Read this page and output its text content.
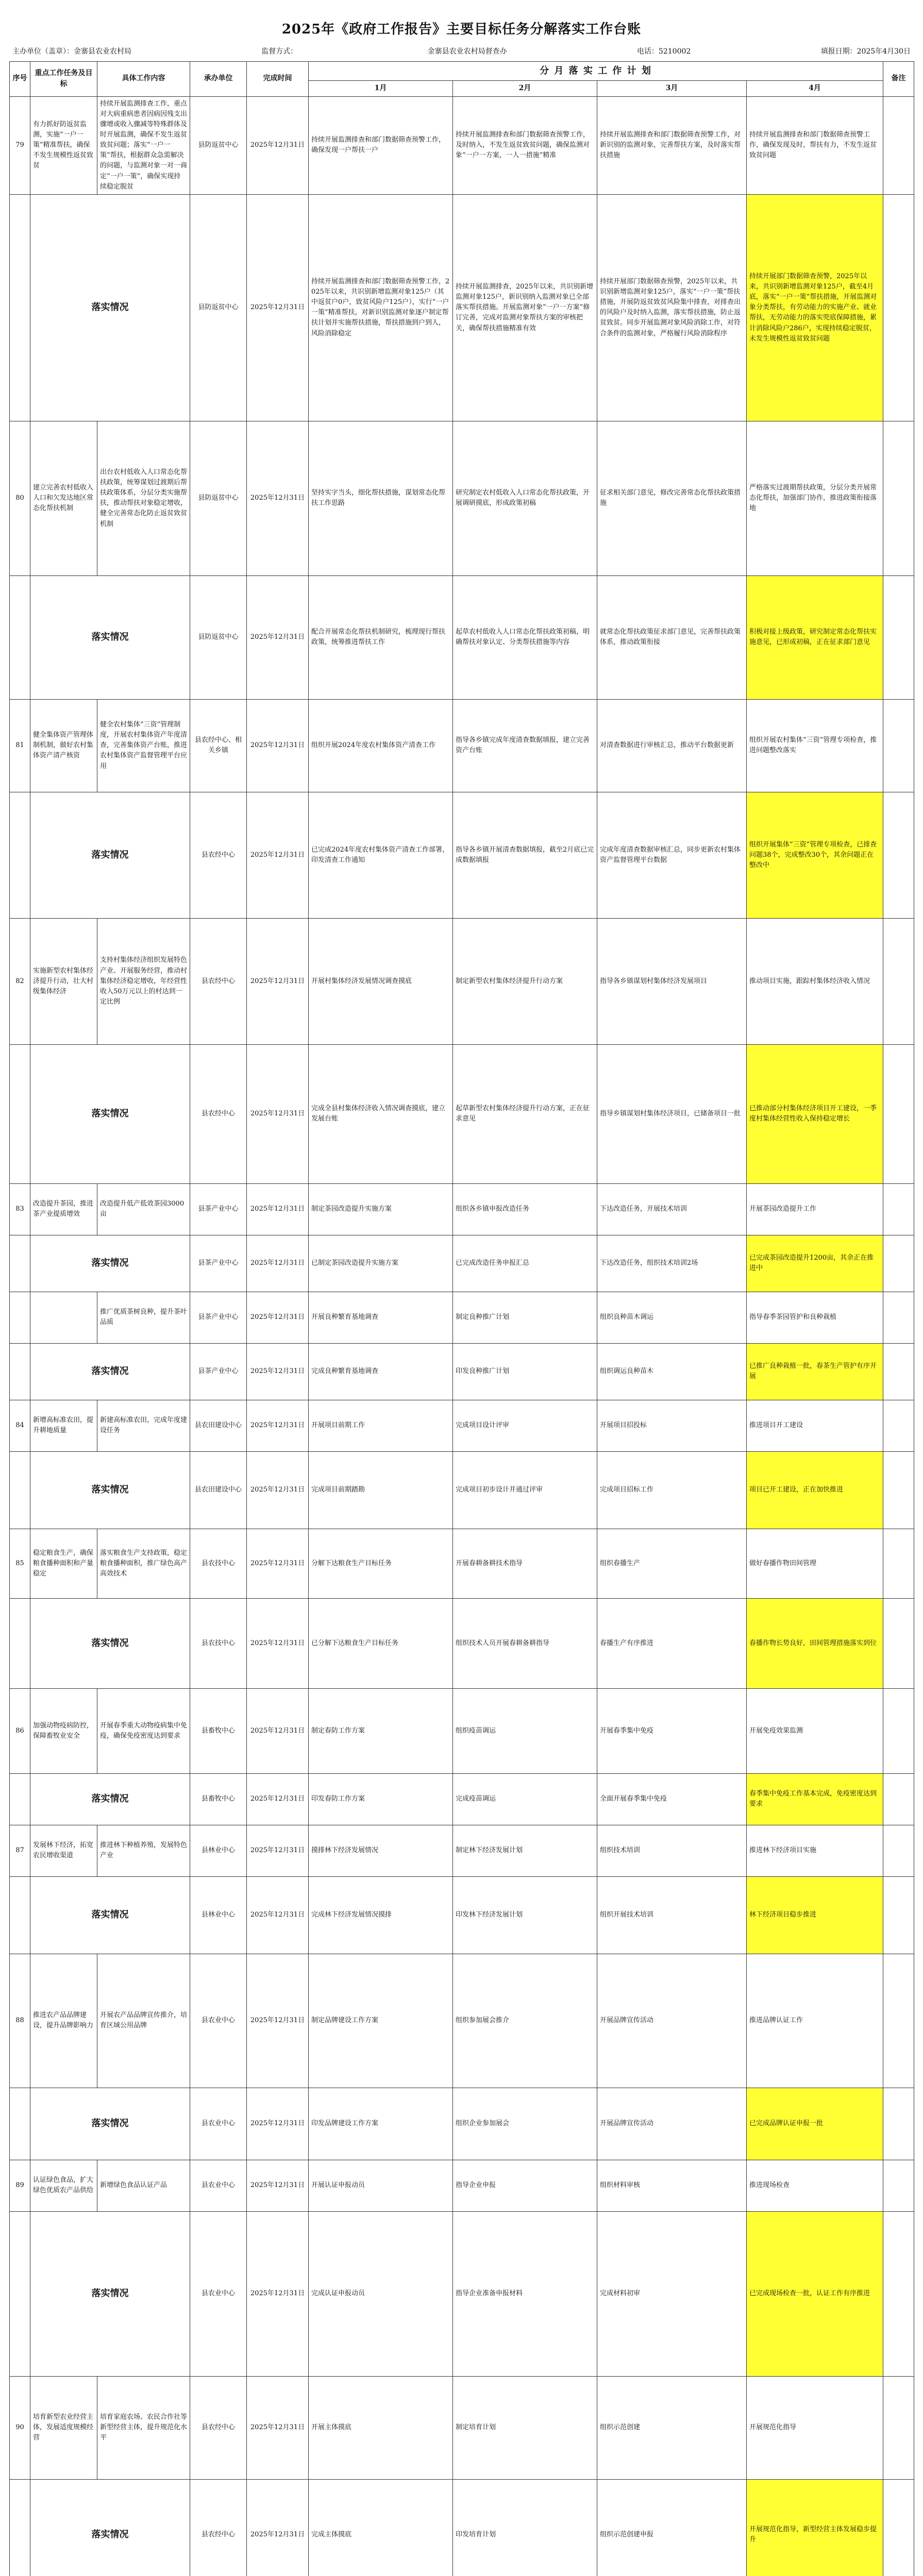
2025年《政府工作报告》主要目标任务分解落实工作台账
主办单位（盖章）：金寨县农业农村局	监督方式：	金寨县农业农村局督查办	电话：5210002	填报日期：2025年4月30日
序号	重点工作任务及目标	具体工作内容	承办单位	完成时间	分 月 落 实 工 作 计 划				备注
					1月	2月	3月	4月	
79	有力抓好防返贫监测，实施“一户一策”精准帮扶，确保不发生规模性返贫致贫	持续开展监测排查工作，重点对大病重病患者因病因残支出骤增或收入骤减等特殊群体及时开展监测，确保不发生返贫致贫问题；落实“一户一策”帮扶，根据群众急需解决的问题，与监测对象一对一商定“一户一策”，确保实现持续稳定脱贫	县防返贫中心	2025年12月31日	持续开展监测排查和部门数据筛查预警工作，确保发现一户帮扶一户	持续开展监测排查和部门数据筛查预警工作，及时纳入，不发生返贫致贫问题，确保监测对象“一户一方案，一人一措施”精准	持续开展监测排查和部门数据筛查预警工作，对新识别的监测对象，完善帮扶方案，及时落实帮扶措施	持续开展监测排查和部门数据筛查预警工作，确保发现及时，帮扶有力，不发生返贫致贫问题	
	落实情况		县防返贫中心	2025年12月31日	持续开展监测排查和部门数据筛查预警工作，2025年以来，共识别新增监测对象125户（其中返贫户0户，致贫风险户125户），实行“一户一策”精准帮扶，对新识别监测对象逐户制定帮扶计划并实施帮扶措施，帮扶措施到户到人，风险消除稳定	持续开展监测排查，2025年以来，共识别新增监测对象125户，新识别纳入监测对象已全部落实帮扶措施。开展监测对象“一户一方案”修订完善，完成对监测对象帮扶方案的审核把关，确保帮扶措施精准有效	持续开展部门数据筛查预警，2025年以来，共识别新增监测对象125户，落实“一户一策”帮扶措施，开展防返贫致贫风险集中排查，对排查出的风险户及时纳入监测，落实帮扶措施，防止返贫致贫。同步开展监测对象风险消除工作，对符合条件的监测对象，严格履行风险消除程序	持续开展部门数据筛查预警，2025年以来，共识别新增监测对象125户，截至4月底，落实“一户一策”帮扶措施，开展监测对象分类帮扶，有劳动能力的实施产业、就业帮扶，无劳动能力的落实兜底保障措施，累计消除风险户286户，实现持续稳定脱贫，未发生规模性返贫致贫问题	
80	建立完善农村低收入人口和欠发达地区常态化帮扶机制	出台农村低收入人口常态化帮扶政策，统筹谋划过渡期后帮扶政策体系，分层分类实施帮扶，推动帮扶对象稳定增收，健全完善常态化防止返贫致贫机制	县防返贫中心	2025年12月31日	坚持实字当头，细化帮扶措施，谋划常态化帮扶工作思路	研究制定农村低收入人口常态化帮扶政策，开展调研摸底，形成政策初稿	征求相关部门意见，修改完善常态化帮扶政策措施	严格落实过渡期帮扶政策，分层分类开展常态化帮扶，加强部门协作，推进政策衔接落地	
	落实情况		县防返贫中心	2025年12月31日	配合开展常态化帮扶机制研究，梳理现行帮扶政策，统筹推进帮扶工作	起草农村低收入人口常态化帮扶政策初稿，明确帮扶对象认定、分类帮扶措施等内容	就常态化帮扶政策征求部门意见，完善帮扶政策体系，推动政策衔接	积极对接上级政策，研究制定常态化帮扶实施意见，已形成初稿，正在征求部门意见	
81	健全集体资产管理体制机制，做好农村集体资产清产核资	健全农村集体“三资”管理制度，开展农村集体资产年度清查，完善集体资产台账，推进农村集体资产监督管理平台应用	县农经中心、相关乡镇	2025年12月31日	组织开展2024年度农村集体资产清查工作	指导各乡镇完成年度清查数据填报，建立完善资产台账	对清查数据进行审核汇总，推动平台数据更新	组织开展农村集体“三资”管理专项检查，推进问题整改落实	
	落实情况		县农经中心	2025年12月31日	已完成2024年度农村集体资产清查工作部署，印发清查工作通知	指导各乡镇开展清查数据填报，截至2月底已完成数据填报	完成年度清查数据审核汇总，同步更新农村集体资产监督管理平台数据	组织开展集体“三资”管理专项检查，已排查问题38个，完成整改30个，其余问题正在整改中	
82	实施新型农村集体经济提升行动，壮大村级集体经济	支持村集体经济组织发展特色产业、开展服务经营，推动村集体经济稳定增收，年经营性收入50万元以上的村达到一定比例	县农经中心	2025年12月31日	开展村集体经济发展情况调查摸底	制定新型农村集体经济提升行动方案	指导各乡镇谋划村集体经济发展项目	推动项目实施，跟踪村集体经济收入情况	
	落实情况		县农经中心	2025年12月31日	完成全县村集体经济收入情况调查摸底，建立发展台账	起草新型农村集体经济提升行动方案，正在征求意见	指导乡镇谋划村集体经济项目，已储备项目一批	已推动部分村集体经济项目开工建设，一季度村集体经营性收入保持稳定增长	
83	改造提升茶园，推进茶产业提质增效	改造提升低产低效茶园3000亩	县茶产业中心	2025年12月31日	制定茶园改造提升实施方案	组织各乡镇申报改造任务	下达改造任务，开展技术培训	开展茶园改造提升工作	
	落实情况		县茶产业中心	2025年12月31日	已制定茶园改造提升实施方案	已完成改造任务申报汇总	下达改造任务，组织技术培训2场	已完成茶园改造提升1200亩，其余正在推进中	
		推广优质茶树良种，提升茶叶品质	县茶产业中心	2025年12月31日	开展良种繁育基地调查	制定良种推广计划	组织良种苗木调运	指导春季茶园管护和良种栽植	
	落实情况		县茶产业中心	2025年12月31日	完成良种繁育基地调查	印发良种推广计划	组织调运良种苗木	已推广良种栽植一批，春茶生产管护有序开展	
84	新增高标准农田，提升耕地质量	新建高标准农田，完成年度建设任务	县农田建设中心	2025年12月31日	开展项目前期工作	完成项目设计评审	开展项目招投标	推进项目开工建设	
	落实情况		县农田建设中心	2025年12月31日	完成项目前期踏勘	完成项目初步设计并通过评审	完成项目招标工作	项目已开工建设，正在加快推进	
85	稳定粮食生产，确保粮食播种面积和产量稳定	落实粮食生产支持政策，稳定粮食播种面积，推广绿色高产高效技术	县农技中心	2025年12月31日	分解下达粮食生产目标任务	开展春耕备耕技术指导	组织春播生产	做好春播作物田间管理	
	落实情况		县农技中心	2025年12月31日	已分解下达粮食生产目标任务	组织技术人员开展春耕备耕指导	春播生产有序推进	春播作物长势良好，田间管理措施落实到位	
86	加强动物疫病防控，保障畜牧业安全	开展春季重大动物疫病集中免疫，确保免疫密度达到要求	县畜牧中心	2025年12月31日	制定春防工作方案	组织疫苗调运	开展春季集中免疫	开展免疫效果监测	
	落实情况		县畜牧中心	2025年12月31日	印发春防工作方案	完成疫苗调运	全面开展春季集中免疫	春季集中免疫工作基本完成，免疫密度达到要求	
87	发展林下经济，拓宽农民增收渠道	推进林下种植养殖，发展特色产业	县林业中心	2025年12月31日	摸排林下经济发展情况	制定林下经济发展计划	组织技术培训	推进林下经济项目实施	
	落实情况		县林业中心	2025年12月31日	完成林下经济发展情况摸排	印发林下经济发展计划	组织开展技术培训	林下经济项目稳步推进	
88	推进农产品品牌建设，提升品牌影响力	开展农产品品牌宣传推介，培育区域公用品牌	县农业中心	2025年12月31日	制定品牌建设工作方案	组织参加展会推介	开展品牌宣传活动	推进品牌认证工作	
	落实情况		县农业中心	2025年12月31日	印发品牌建设工作方案	组织企业参加展会	开展品牌宣传活动	已完成品牌认证申报一批	
89	认证绿色食品，扩大绿色优质农产品供给	新增绿色食品认证产品	县农业中心	2025年12月31日	开展认证申报动员	指导企业申报	组织材料审核	推进现场检查	
	落实情况		县农业中心	2025年12月31日	完成认证申报动员	指导企业准备申报材料	完成材料初审	已完成现场检查一批，认证工作有序推进	
90	培育新型农业经营主体，发展适度规模经营	培育家庭农场、农民合作社等新型经营主体，提升规范化水平	县农经中心	2025年12月31日	开展主体摸底	制定培育计划	组织示范创建	开展规范化指导	
	落实情况		县农经中心	2025年12月31日	完成主体摸底	印发培育计划	组织示范创建申报	开展规范化指导，新型经营主体发展稳步提升	
